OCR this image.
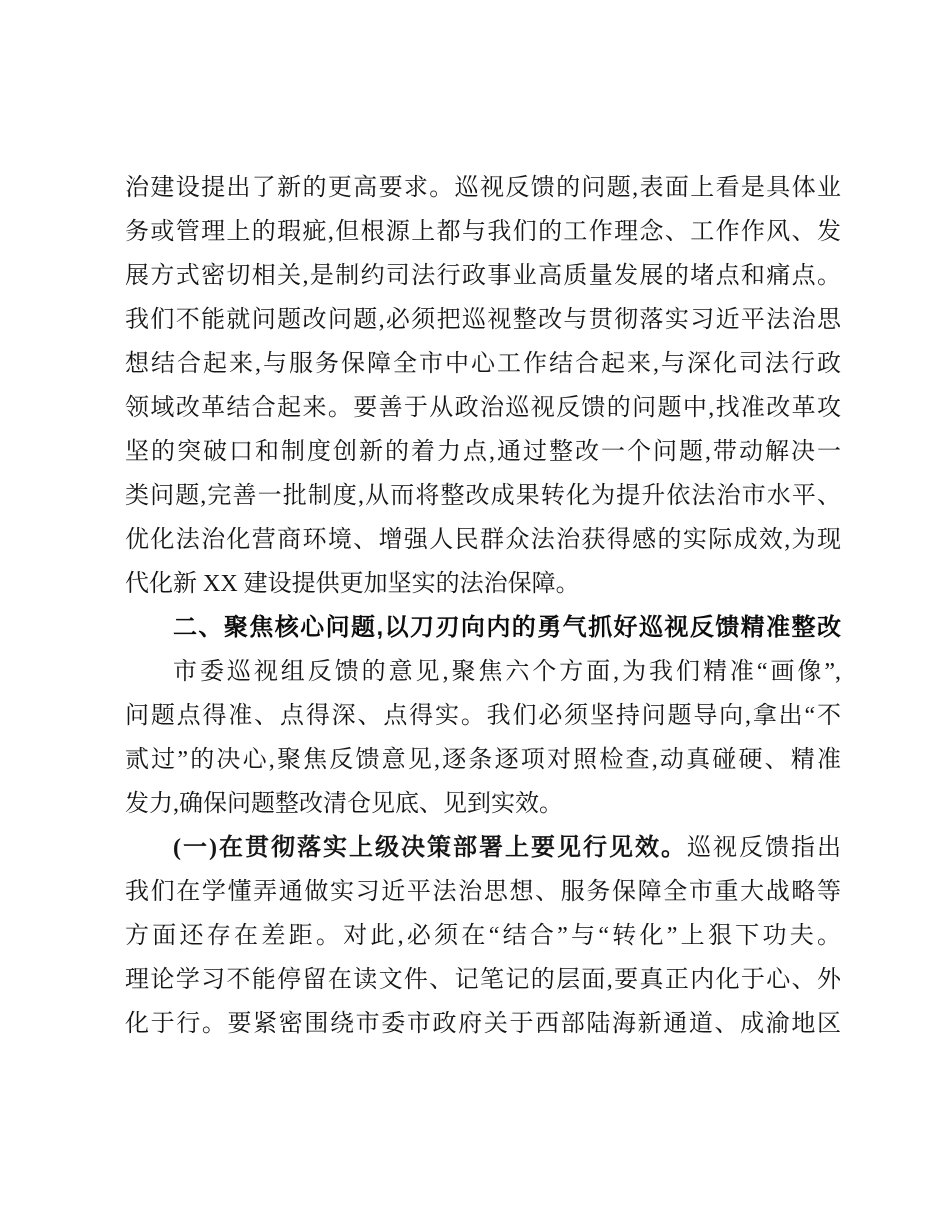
治建设提出了新的更高要求。巡视反馈的问题,表面上看是具体业
务或管理上的瑕疵,但根源上都与我们的工作理念、工作作风、发
展方式密切相关,是制约司法行政事业高质量发展的堵点和痛点。
我们不能就问题改问题,必须把巡视整改与贯彻落实习近平法治思
想结合起来,与服务保障全市中心工作结合起来,与深化司法行政
领域改革结合起来。要善于从政治巡视反馈的问题中,找准改革攻
坚的突破口和制度创新的着力点,通过整改一个问题,带动解决一
类问题,完善一批制度,从而将整改成果转化为提升依法治市水平、
优化法治化营商环境、增强人民群众法治获得感的实际成效,为现
代化新 XX 建设提供更加坚实的法治保障。
二、聚焦核心问题,以刀刃向内的勇气抓好巡视反馈精准整改
市委巡视组反馈的意见,聚焦六个方面,为我们精准“画像”,
问题点得准、点得深、点得实。我们必须坚持问题导向,拿出“不
贰过”的决心,聚焦反馈意见,逐条逐项对照检查,动真碰硬、精准
发力,确保问题整改清仓见底、见到实效。
(一)在贯彻落实上级决策部署上要见行见效。巡视反馈指出
我们在学懂弄通做实习近平法治思想、服务保障全市重大战略等
方面还存在差距。对此,必须在“结合”与“转化”上狠下功夫。
理论学习不能停留在读文件、记笔记的层面,要真正内化于心、外
化于行。要紧密围绕市委市政府关于西部陆海新通道、成渝地区
